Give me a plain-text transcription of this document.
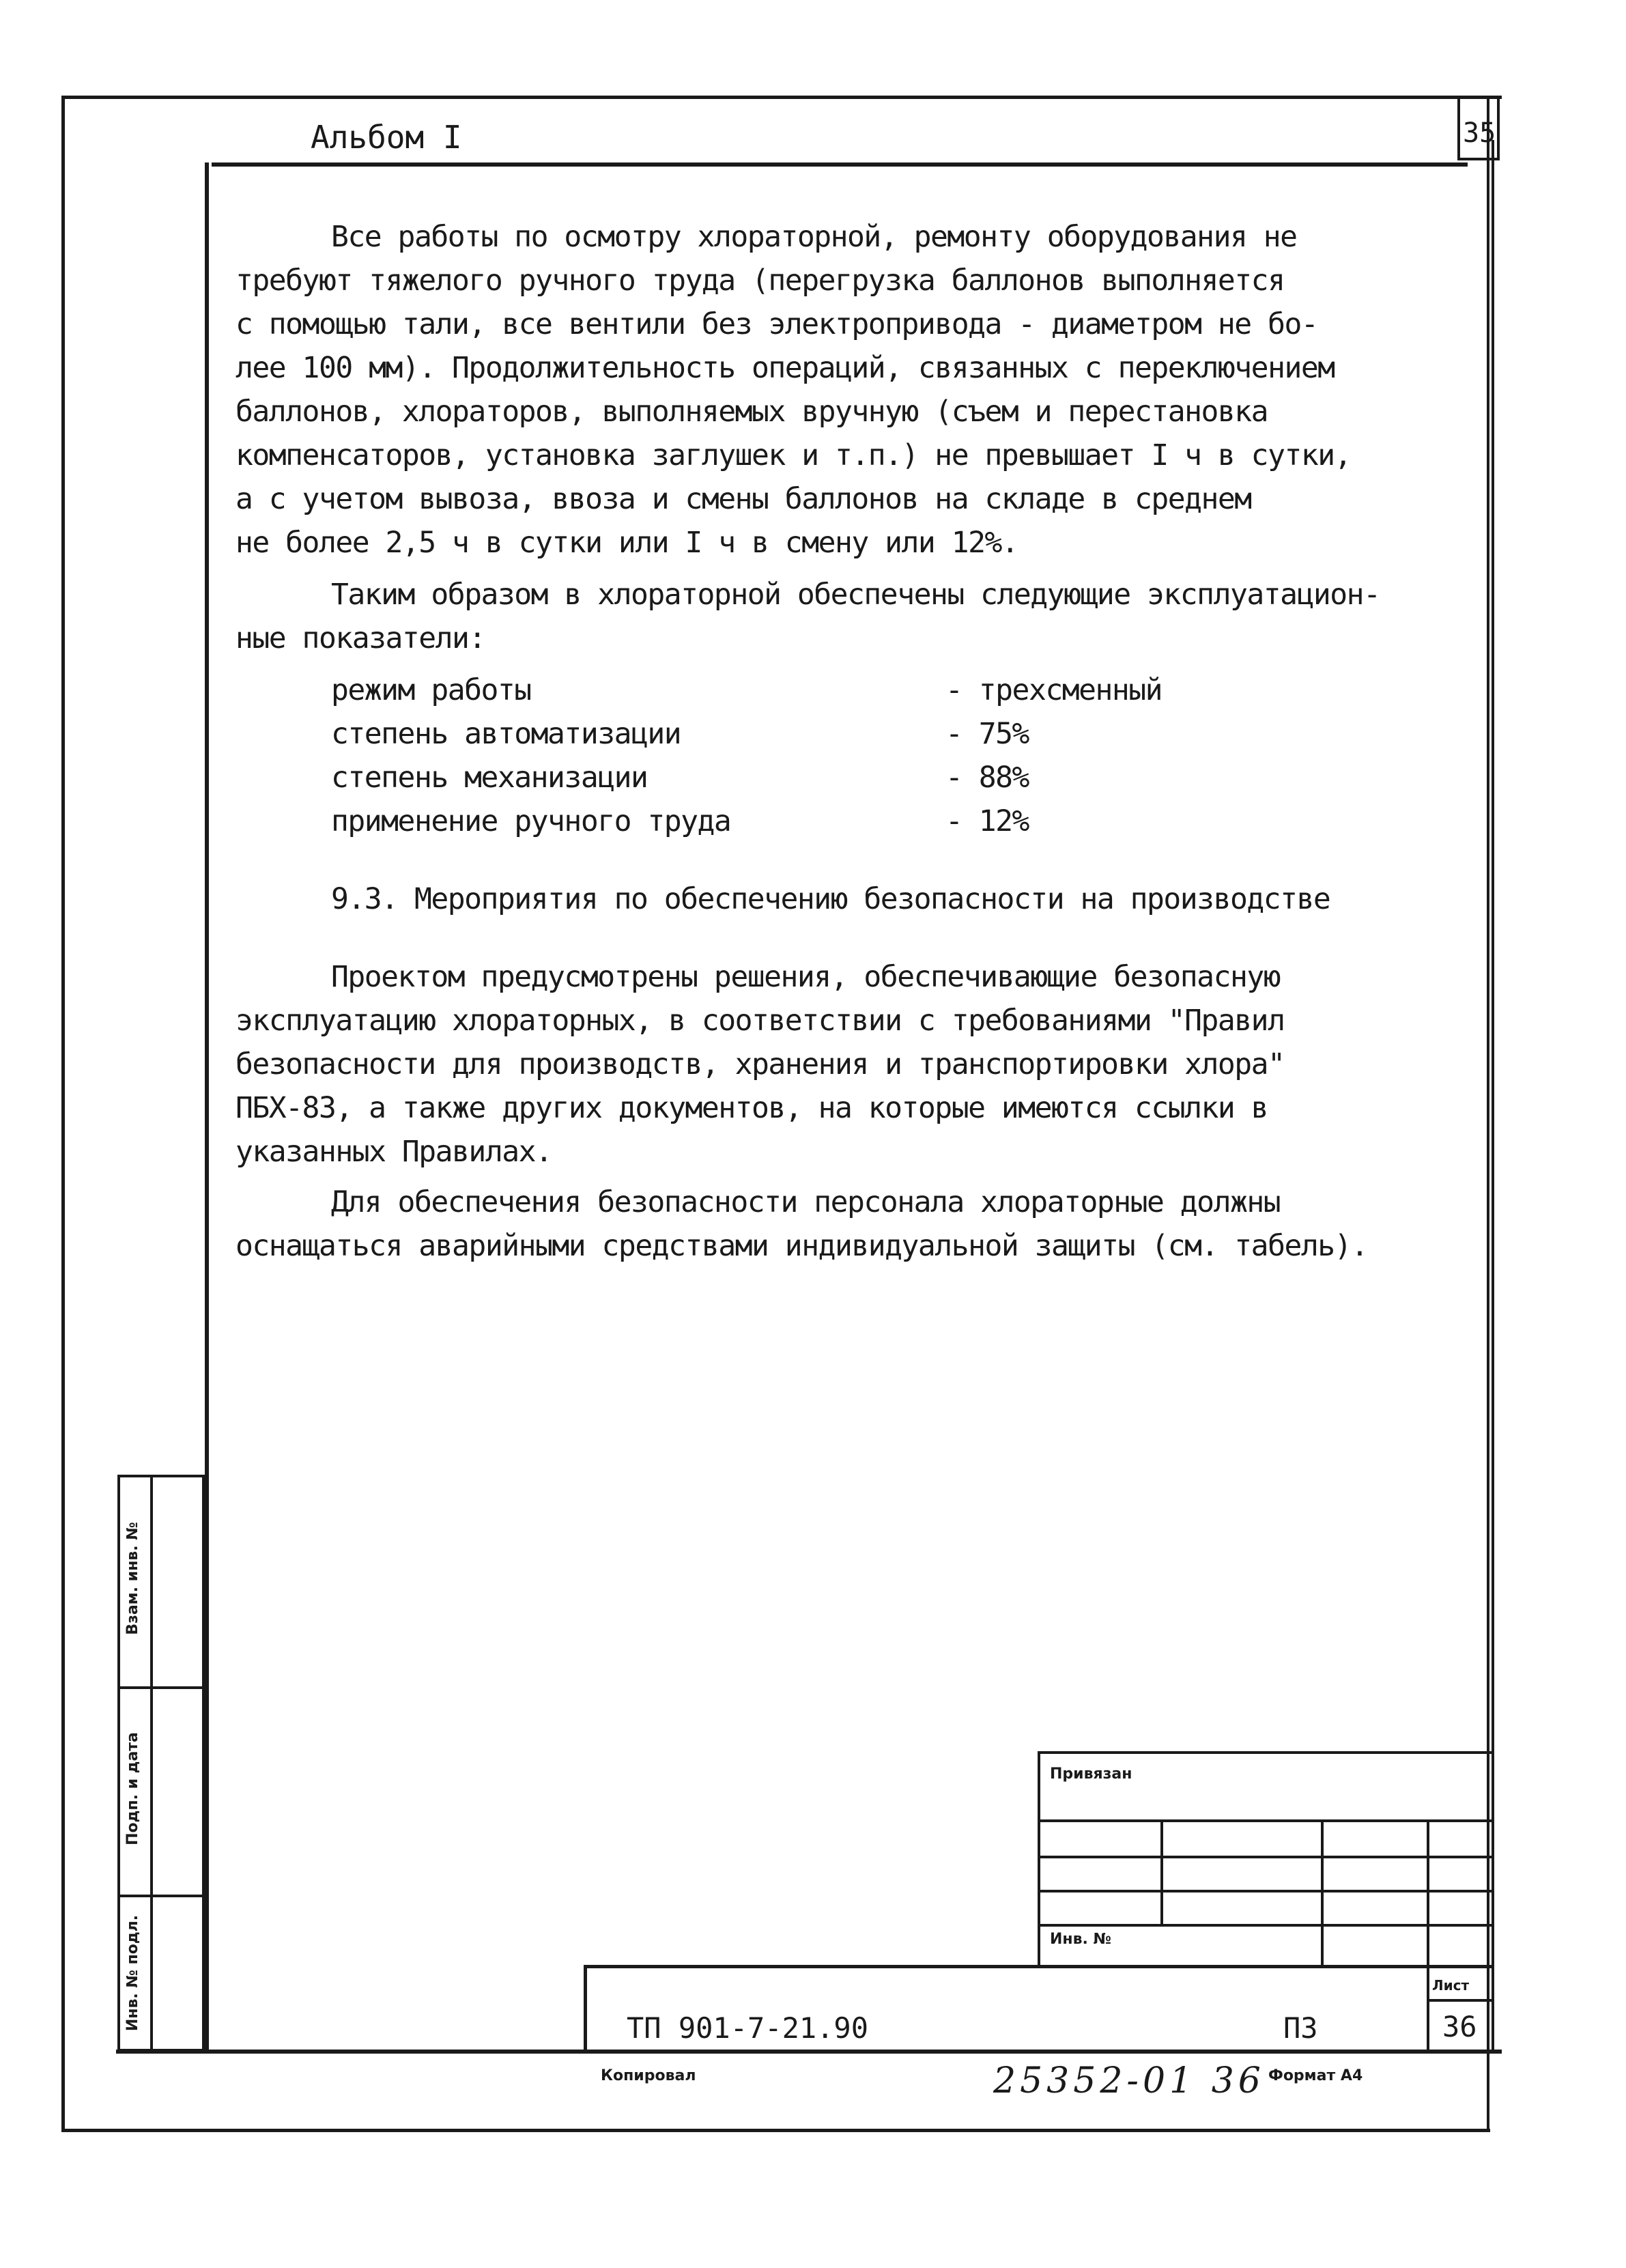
Альбом I	35
Все работы по осмотру хлораторной, ремонту оборудования не
требуют тяжелого ручного труда (перегрузка баллонов выполняется
с помощью тали, все вентили без электропривода - диаметром не бо-
лее 100 мм). Продолжительность операций, связанных с переключением
баллонов, хлораторов, выполняемых вручную (съем и перестановка
компенсаторов, установка заглушек и т.п.) не превышает I ч в сутки,
а с учетом вывоза, ввоза и смены баллонов на складе в среднем
не более 2,5 ч в сутки или I ч в смену или 12%.
Таким образом в хлораторной обеспечены следующие эксплуатацион-
ные показатели:
режим работы	- трехсменный
степень автоматизации	- 75%
степень механизации	- 88%
применение ручного труда	- 12%
9.3. Мероприятия по обеспечению безопасности на производстве
Проектом предусмотрены решения, обеспечивающие безопасную
эксплуатацию хлораторных, в соответствии с требованиями "Правил
безопасности для производств, хранения и транспортировки хлора"
ПБХ-83, а также других документов, на которые имеются ссылки в
указанных Правилах.
Для обеспечения безопасности персонала хлораторные должны
оснащаться аварийными средствами индивидуальной защиты (см. табель).
Взам. инв. №
Подп. и дата
Инв. № подл.
Привязан
Инв. №
Лист
ТП 901-7-21.90	ПЗ	36
Копировал	25352-01 36 Формат А4
